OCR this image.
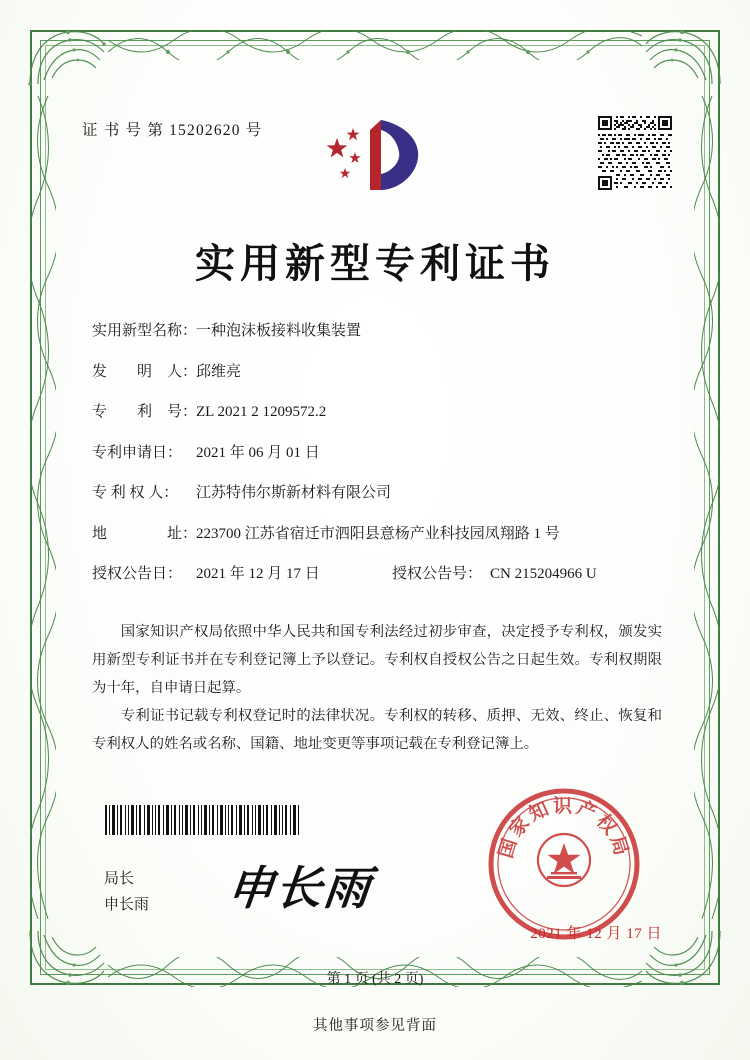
证 书 号 第 15202620 号
实用新型专利证书
实用新型名称：
一种泡沫板接料收集装置
发　　明　人：
邱维亮
专　　利　号：
ZL 2021 2 1209572.2
专利申请日： 2021 年 06 月 01 日
专 利 权 人：	江苏特伟尔斯新材料有限公司
地　　　　址：
223700 江苏省宿迁市泗阳县意杨产业科技园凤翔路 1 号
授权公告日： 2021 年 12 月 17 日	授权公告号： CN 215204966 U

国家知识产权局依照中华人民共和国专利法经过初步审查，决定授予专利权，颁发实用新型专利证书并在专利登记簿上予以登记。专利权自授权公告之日起生效。专利权期限为十年，自申请日起算。

专利证书记载专利权登记时的法律状况。专利权的转移、质押、无效、终止、恢复和专利权人的姓名或名称、国籍、地址变更等事项记载在专利登记簿上。

局长
申长雨 申长雨
国家知识产权局
2021 年 12 月 17 日
第 1 页 (共 2 页)
其他事项参见背面
